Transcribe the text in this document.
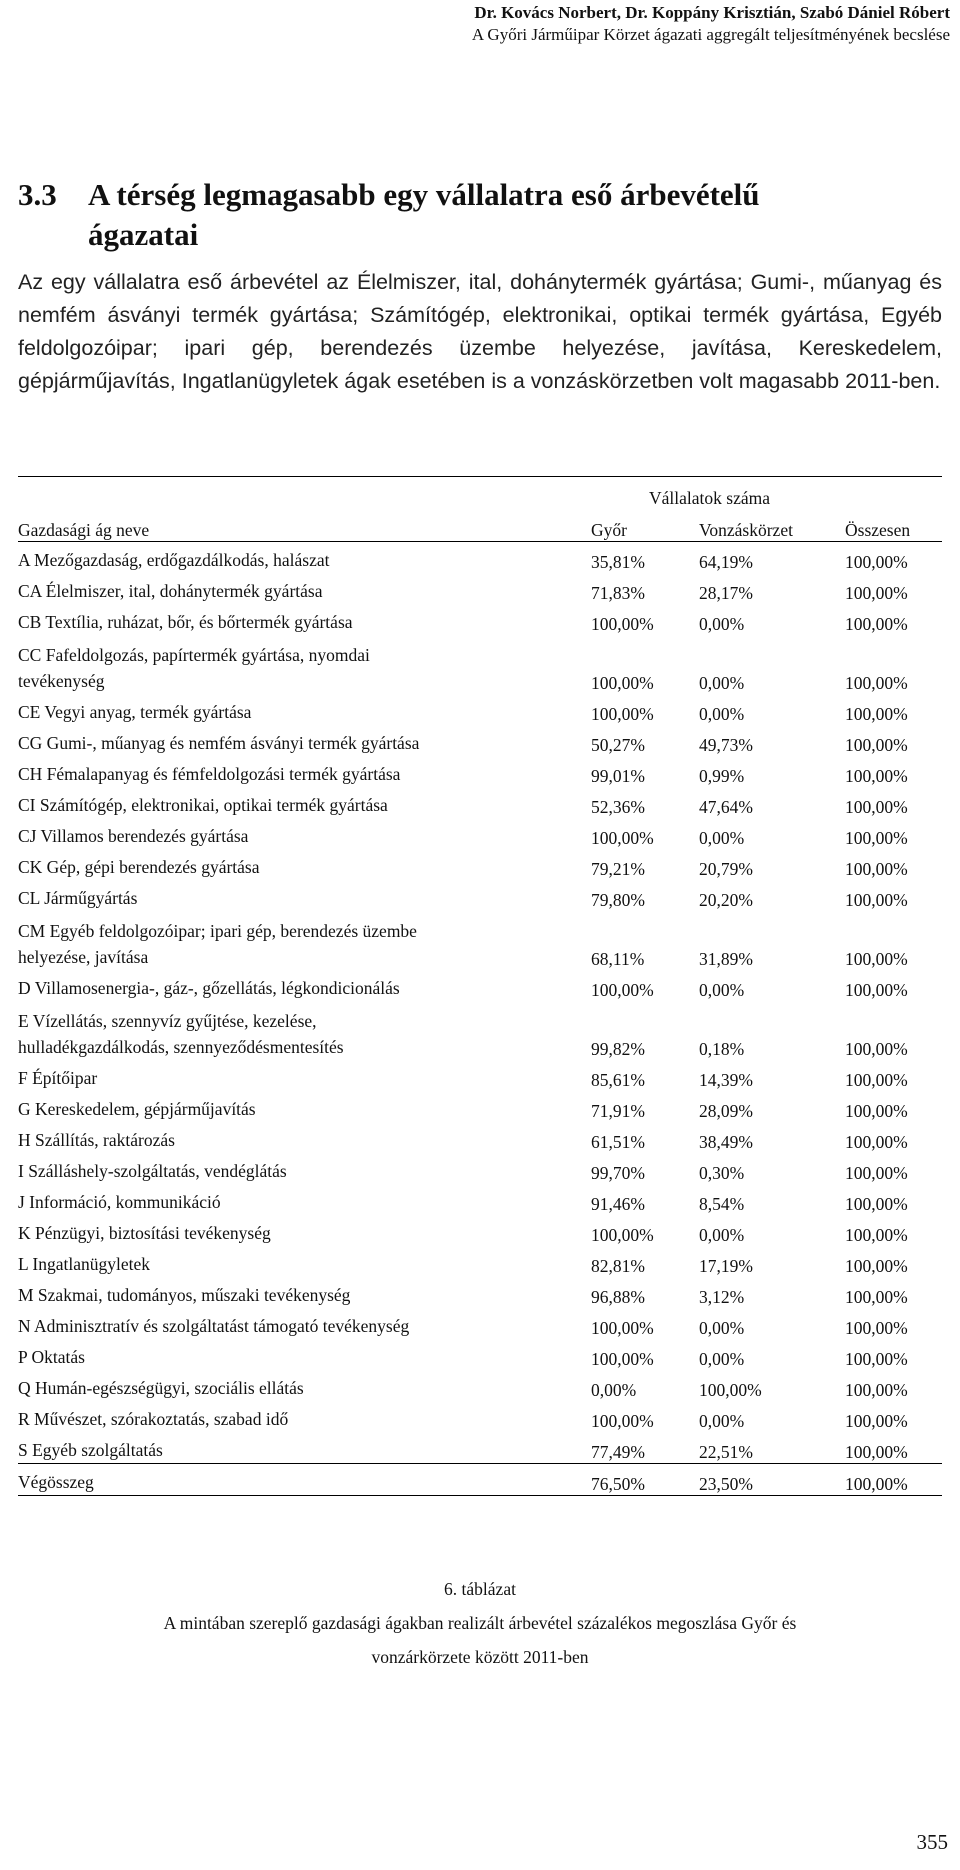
Dr. Kovács Norbert, Dr. Koppány Krisztián, Szabó Dániel Róbert
A Győri Járműipar Körzet ágazati aggregált teljesítményének becslése
3.3 A térség legmagasabb egy vállalatra eső árbevételű
ágazatai

Az egy vállalatra eső árbevétel az Élelmiszer, ital, dohánytermék gyártása; Gumi-, műanyag és nemfém ásványi termék gyártása; Számítógép, elektronikai, optikai termék gyártása, Egyéb feldolgozóipar; ipari gép, berendezés üzembe helyezése, javítása, Kereskedelem, gépjárműjavítás, Ingatlanügyletek ágak esetében is a vonzáskörzetben volt magasabb 2011-ben.

	Vállalatok száma		
Gazdasági ág neve	Győr	Vonzáskörzet	Összesen

A Mezőgazdaság, erdőgazdálkodás, halászat	35,81%	64,19%	100,00%

CA Élelmiszer, ital, dohánytermék gyártása	71,83%	28,17%	100,00%

CB Textília, ruházat, bőr, és bőrtermék gyártása	100,00%	0,00%	100,00%

CC Fafeldolgozás, papírtermék gyártása, nyomdai
tevékenység	100,00%	0,00%	100,00%

CE Vegyi anyag, termék gyártása	100,00%	0,00%	100,00%

CG Gumi-, műanyag és nemfém ásványi termék gyártása	50,27%	49,73%	100,00%

CH Fémalapanyag és fémfeldolgozási termék gyártása	99,01%	0,99%	100,00%

CI Számítógép, elektronikai, optikai termék gyártása	52,36%	47,64%	100,00%

CJ Villamos berendezés gyártása	100,00%	0,00%	100,00%

CK Gép, gépi berendezés gyártása	79,21%	20,79%	100,00%

CL Járműgyártás	79,80%	20,20%	100,00%

CM Egyéb feldolgozóipar; ipari gép, berendezés üzembe
helyezése, javítása	68,11%	31,89%	100,00%

D Villamosenergia-, gáz-, gőzellátás, légkondicionálás	100,00%	0,00%	100,00%

E Vízellátás, szennyvíz gyűjtése, kezelése,
hulladékgazdálkodás, szennyeződésmentesítés	99,82%	0,18%	100,00%

F Építőipar	85,61%	14,39%	100,00%

G Kereskedelem, gépjárműjavítás	71,91%	28,09%	100,00%

H Szállítás, raktározás	61,51%	38,49%	100,00%

I Szálláshely-szolgáltatás, vendéglátás	99,70%	0,30%	100,00%

J Információ, kommunikáció	91,46%	8,54%	100,00%

K Pénzügyi, biztosítási tevékenység	100,00%	0,00%	100,00%

L Ingatlanügyletek	82,81%	17,19%	100,00%

M Szakmai, tudományos, műszaki tevékenység	96,88%	3,12%	100,00%

N Adminisztratív és szolgáltatást támogató tevékenység	100,00%	0,00%	100,00%

P Oktatás	100,00%	0,00%	100,00%

Q Humán-egészségügyi, szociális ellátás	0,00%	100,00%	100,00%

R Művészet, szórakoztatás, szabad idő	100,00%	0,00%	100,00%

S Egyéb szolgáltatás	77,49%	22,51%	100,00%

Végösszeg	76,50%	23,50%	100,00%
6. táblázat
A mintában szereplő gazdasági ágakban realizált árbevétel százalékos megoszlása Győr és
vonzárkörzete között 2011-ben
355
